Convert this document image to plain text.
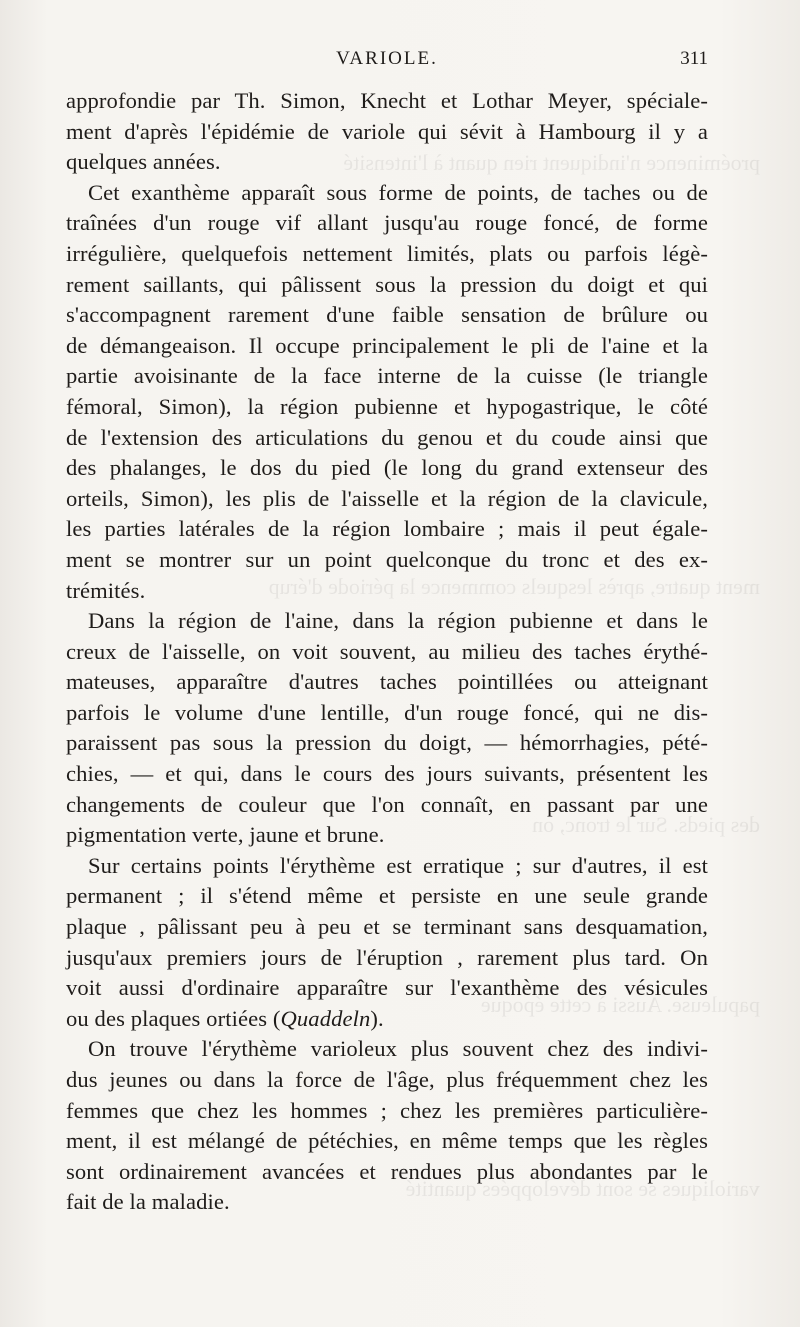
proéminence n'indiquent rien quant à l'intensité
ment quatre, après lesquels commence la période d'érup
des pieds. Sur le tronc, on
papuleuse. Aussi à cette époque
varioliques se sont développées quantité
VARIOLE.	311
approfondie par Th. Simon, Knecht et Lothar Meyer, spéciale-
ment d'après l'épidémie de variole qui sévit à Hambourg il y a
quelques années.
Cet exanthème apparaît sous forme de points, de taches ou de
traînées d'un rouge vif allant jusqu'au rouge foncé, de forme
irrégulière, quelquefois nettement limités, plats ou parfois légè-
rement saillants, qui pâlissent sous la pression du doigt et qui
s'accompagnent rarement d'une faible sensation de brûlure ou
de démangeaison. Il occupe principalement le pli de l'aine et la
partie avoisinante de la face interne de la cuisse (le triangle
fémoral, Simon), la région pubienne et hypogastrique, le côté
de l'extension des articulations du genou et du coude ainsi que
des phalanges, le dos du pied (le long du grand extenseur des
orteils, Simon), les plis de l'aisselle et la région de la clavicule,
les parties latérales de la région lombaire ; mais il peut égale-
ment se montrer sur un point quelconque du tronc et des ex-
trémités.
Dans la région de l'aine, dans la région pubienne et dans le
creux de l'aisselle, on voit souvent, au milieu des taches érythé-
mateuses, apparaître d'autres taches pointillées ou atteignant
parfois le volume d'une lentille, d'un rouge foncé, qui ne dis-
paraissent pas sous la pression du doigt, — hémorrhagies, pété-
chies, — et qui, dans le cours des jours suivants, présentent les
changements de couleur que l'on connaît, en passant par une
pigmentation verte, jaune et brune.
Sur certains points l'érythème est erratique ; sur d'autres, il est
permanent ; il s'étend même et persiste en une seule grande
plaque , pâlissant peu à peu et se terminant sans desquamation,
jusqu'aux premiers jours de l'éruption , rarement plus tard. On
voit aussi d'ordinaire apparaître sur l'exanthème des vésicules
ou des plaques ortiées (Quaddeln).
On trouve l'érythème varioleux plus souvent chez des indivi-
dus jeunes ou dans la force de l'âge, plus fréquemment chez les
femmes que chez les hommes ; chez les premières particulière-
ment, il est mélangé de pétéchies, en même temps que les règles
sont ordinairement avancées et rendues plus abondantes par le
fait de la maladie.
